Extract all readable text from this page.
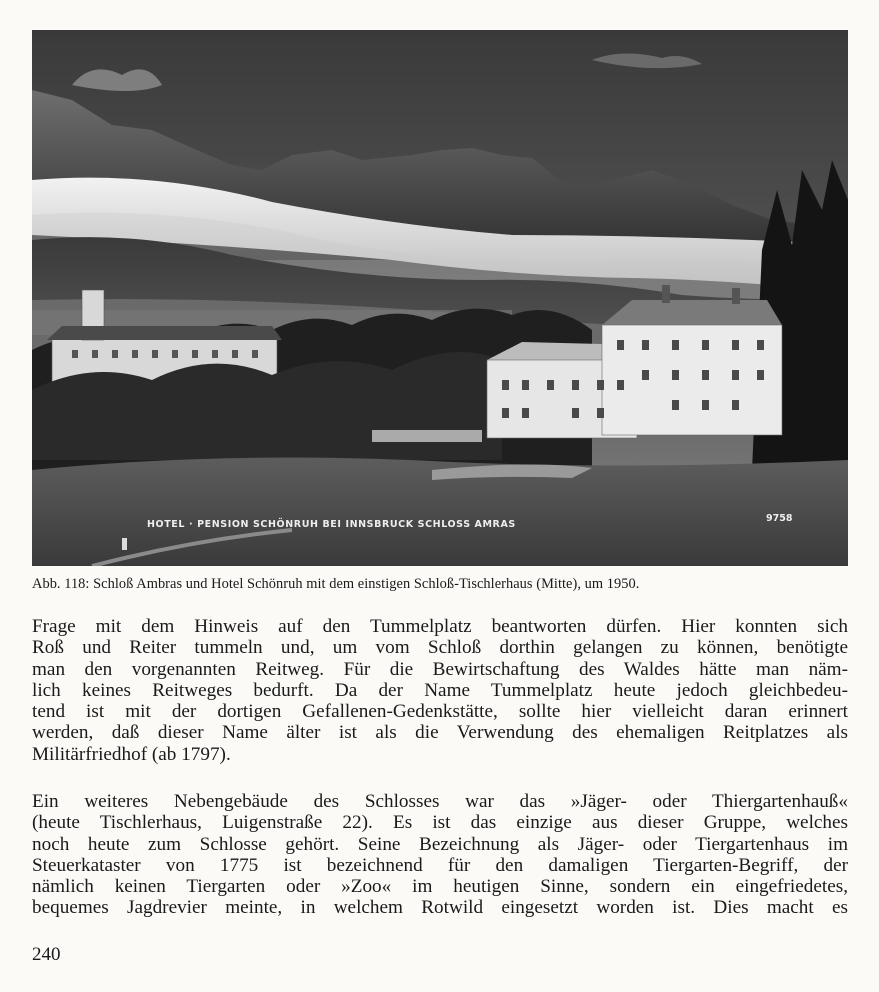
HOTEL · PENSION SCHÖNRUH BEI INNSBRUCK SCHLOSS AMRAS
9758

Abb. 118: Schloß Ambras und Hotel Schönruh mit dem einstigen Schloß-Tischlerhaus (Mitte), um 1950.

Frage mit dem Hinweis auf den Tummelplatz beantworten dürfen. Hier konnten sich
Roß und Reiter tummeln und, um vom Schloß dorthin gelangen zu können, benötigte
man den vorgenannten Reitweg. Für die Bewirtschaftung des Waldes hätte man näm-
lich keines Reitweges bedurft. Da der Name Tummelplatz heute jedoch gleichbedeu-
tend ist mit der dortigen Gefallenen-Gedenkstätte, sollte hier vielleicht daran erinnert
werden, daß dieser Name älter ist als die Verwendung des ehemaligen Reitplatzes als
Militärfriedhof (ab 1797).
Ein weiteres Nebengebäude des Schlosses war das »Jäger- oder Thiergartenhauß«
(heute Tischlerhaus, Luigenstraße 22). Es ist das einzige aus dieser Gruppe, welches
noch heute zum Schlosse gehört. Seine Bezeichnung als Jäger- oder Tiergartenhaus im
Steuerkataster von 1775 ist bezeichnend für den damaligen Tiergarten-Begriff, der
nämlich keinen Tiergarten oder »Zoo« im heutigen Sinne, sondern ein eingefriedetes,
bequemes Jagdrevier meinte, in welchem Rotwild eingesetzt worden ist. Dies macht es

240
